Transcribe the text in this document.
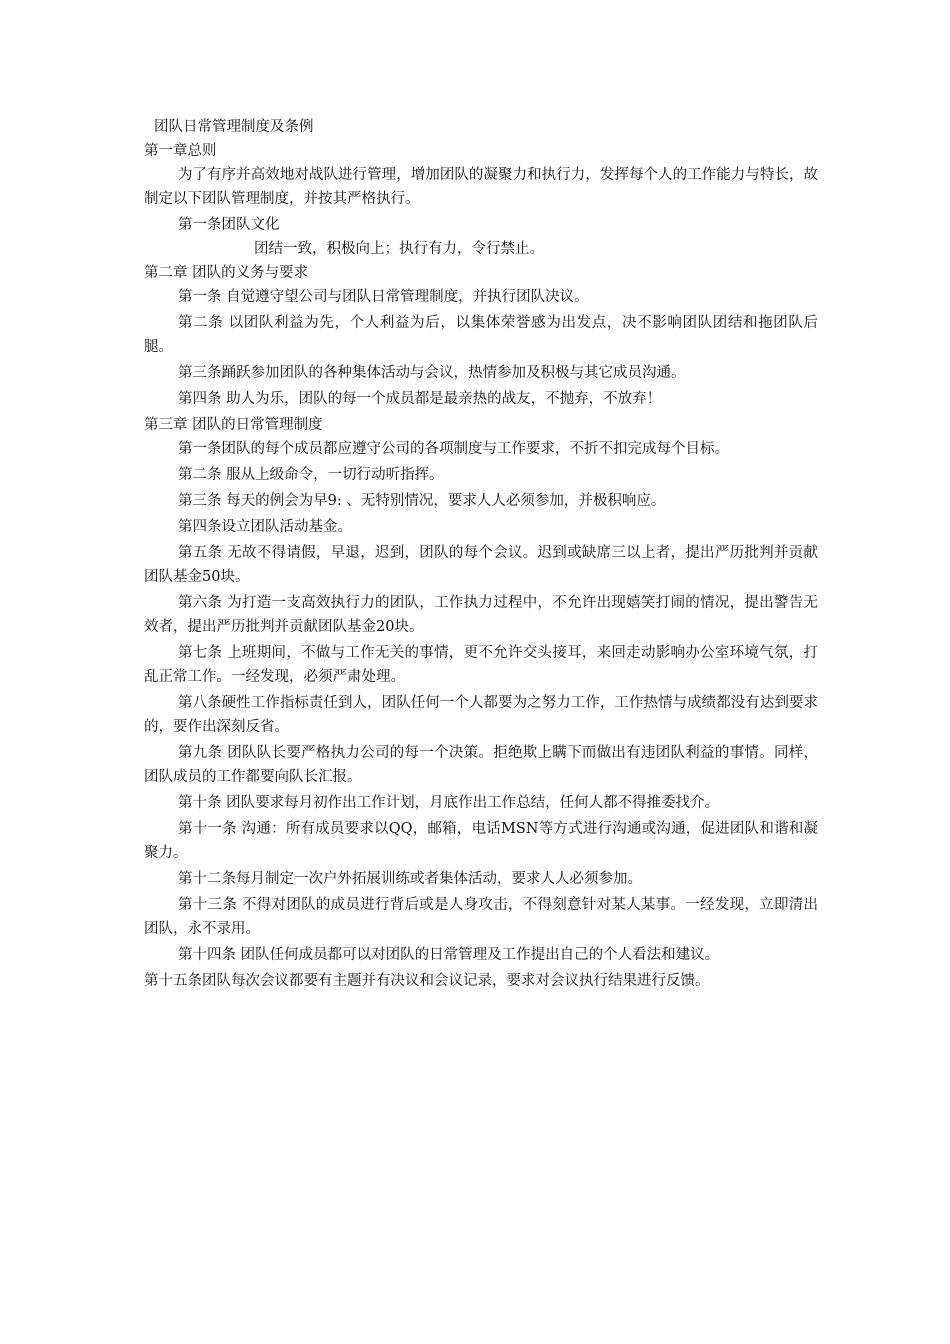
团队日常管理制度及条例

第一章总则

为了有序并高效地对战队进行管理，增加团队的凝聚力和执行力，发挥每个人的工作能力与特长，故制定以下团队管理制度，并按其严格执行。

第一条团队文化

团结一致，积极向上；执行有力，令行禁止。

第二章 团队的义务与要求

第一条 自觉遵守望公司与团队日常管理制度，并执行团队决议。

第二条 以团队利益为先，个人利益为后，以集体荣誉感为出发点，决不影响团队团结和拖团队后腿。

第三条踊跃参加团队的各种集体活动与会议，热情参加及积极与其它成员沟通。

第四条 助人为乐，团队的每一个成员都是最亲热的战友，不抛弃，不放弃！

第三章 团队的日常管理制度

第一条团队的每个成员都应遵守公司的各项制度与工作要求，不折不扣完成每个目标。

第二条 服从上级命令，一切行动听指挥。

第三条 每天的例会为早9: 、无特别情况，要求人人必须参加，并极积响应。

第四条设立团队活动基金。

第五条 无故不得请假，早退，迟到，团队的每个会议。迟到或缺席三以上者，提出严历批判并贡献团队基金50块。

第六条 为打造一支高效执行力的团队，工作执力过程中，不允许出现嬉笑打闹的情况，提出警告无效者，提出严历批判并贡献团队基金20块。

第七条 上班期间，不做与工作无关的事情，更不允许交头接耳，来回走动影响办公室环境气氛，打乱正常工作。一经发现，必须严肃处理。

第八条硬性工作指标责任到人，团队任何一个人都要为之努力工作，工作热情与成绩都没有达到要求的，要作出深刻反省。

第九条 团队队长要严格执力公司的每一个决策。拒绝欺上瞒下而做出有违团队利益的事情。同样，团队成员的工作都要向队长汇报。

第十条 团队要求每月初作出工作计划，月底作出工作总结，任何人都不得推委找介。

第十一条 沟通：所有成员要求以QQ，邮箱，电话MSN等方式进行沟通或沟通，促进团队和谐和凝聚力。

第十二条每月制定一次户外拓展训练或者集体活动，要求人人必须参加。

第十三条 不得对团队的成员进行背后或是人身攻击，不得刻意针对某人某事。一经发现，立即清出团队，永不录用。

第十四条 团队任何成员都可以对团队的日常管理及工作提出自己的个人看法和建议。

第十五条团队每次会议都要有主题并有决议和会议记录，要求对会议执行结果进行反馈。
